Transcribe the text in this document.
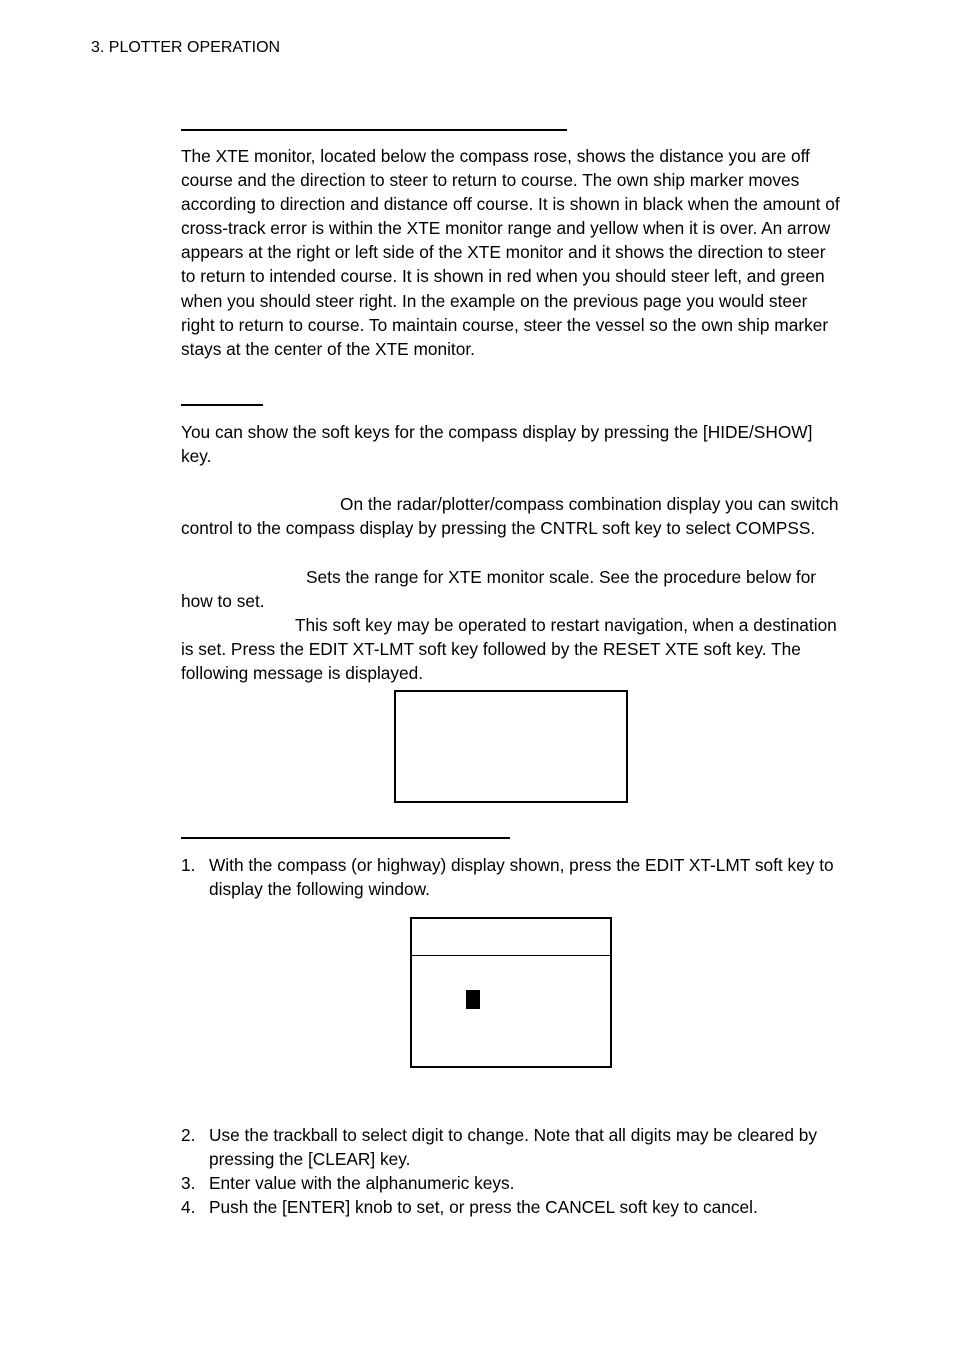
3. PLOTTER OPERATION
The XTE monitor, located below the compass rose, shows the distance you are off course and the direction to steer to return to course. The own ship marker moves according to direction and distance off course. It is shown in black when the amount of cross-track error is within the XTE monitor range and yellow when it is over. An arrow appears at the right or left side of the XTE monitor and it shows the direction to steer to return to intended course. It is shown in red when you should steer left, and green when you should steer right. In the example on the previous page you would steer right to return to course. To maintain course, steer the vessel so the own ship marker stays at the center of the XTE monitor.
You can show the soft keys for the compass display by pressing the [HIDE/SHOW] key.
On the radar/plotter/compass combination display you can switch control to the compass display by pressing the CNTRL soft key to select COMPSS.
Sets the range for XTE monitor scale. See the procedure below for how to set.
This soft key may be operated to restart navigation, when a destination is set. Press the EDIT XT-LMT soft key followed by the RESET XTE soft key. The following message is displayed.
1. With the compass (or highway) display shown, press the EDIT XT-LMT soft key to display the following window.
2. Use the trackball to select digit to change. Note that all digits may be cleared by pressing the [CLEAR] key.
3. Enter value with the alphanumeric keys.
4. Push the [ENTER] knob to set, or press the CANCEL soft key to cancel.
